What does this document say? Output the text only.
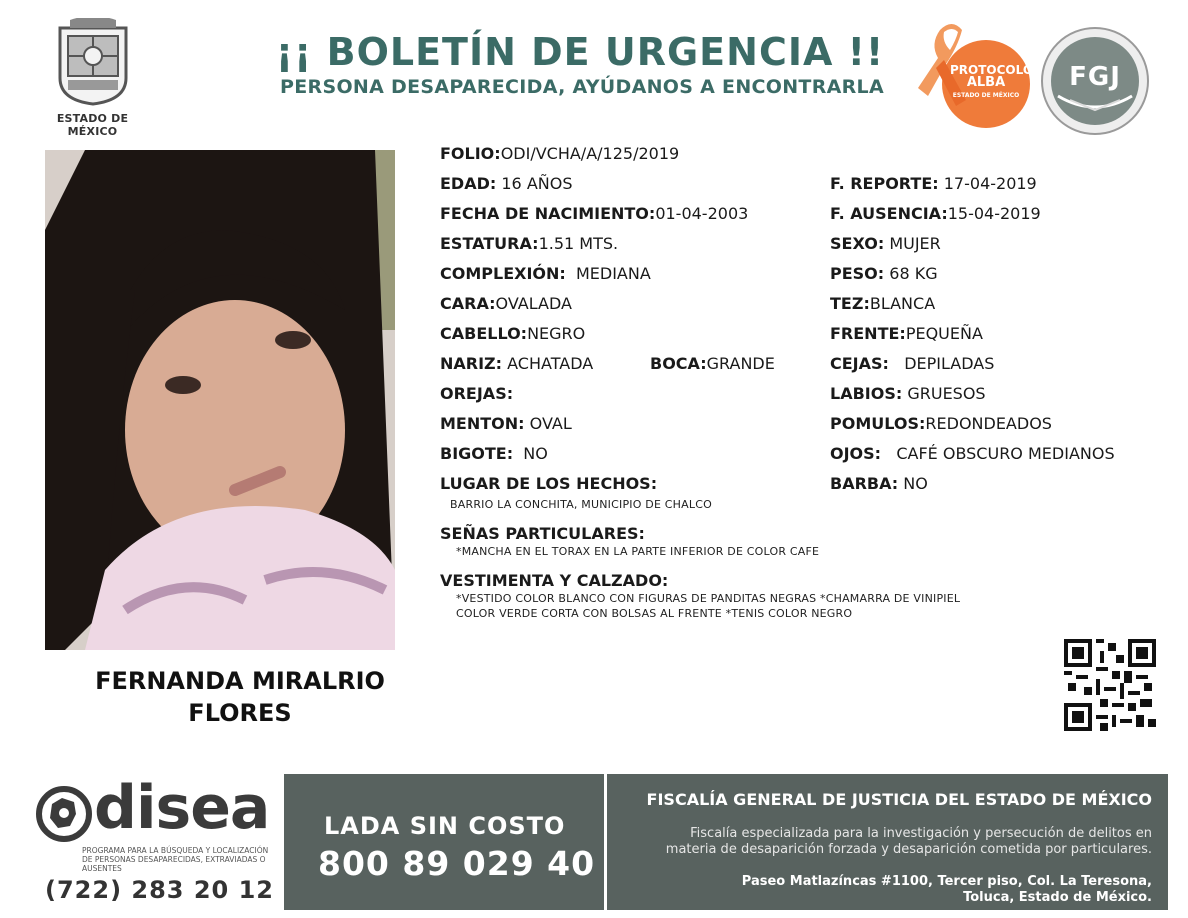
ESTADO DE MÉXICO
¡¡ BOLETÍN DE URGENCIA !!
PERSONA DESAPARECIDA, AYÚDANOS A ENCONTRARLA
PROTOCOLO
ALBA
ESTADO DE MÉXICO
FGJ
FERNANDA MIRALRIO
FLORES
FOLIO:ODI/VCHA/A/125/2019
EDAD: 16 AÑOS
FECHA DE NACIMIENTO:01-04-2003
ESTATURA:1.51 MTS.
COMPLEXIÓN: MEDIANA
CARA:OVALADA
CABELLO:NEGRO
NARIZ: ACHATADA	BOCA:GRANDE
OREJAS:
MENTON: OVAL
BIGOTE: NO
LUGAR DE LOS HECHOS:
BARRIO LA CONCHITA, MUNICIPIO DE CHALCO
F. REPORTE: 17-04-2019
F. AUSENCIA:15-04-2019
SEXO: MUJER
PESO: 68 KG
TEZ:BLANCA
FRENTE:PEQUEÑA
CEJAS: DEPILADAS
LABIOS: GRUESOS
POMULOS:REDONDEADOS
OJOS: CAFÉ OBSCURO MEDIANOS
BARBA: NO
SEÑAS PARTICULARES:
*MANCHA EN EL TORAX EN LA PARTE INFERIOR DE COLOR CAFE
VESTIMENTA Y CALZADO:
*VESTIDO COLOR BLANCO CON FIGURAS DE PANDITAS NEGRAS *CHAMARRA DE VINIPIEL
COLOR VERDE CORTA CON BOLSAS AL FRENTE *TENIS COLOR NEGRO
disea
PROGRAMA PARA LA BÚSQUEDA Y LOCALIZACIÓN DE PERSONAS DESAPARECIDAS, EXTRAVIADAS O AUSENTES
(722) 283 20 12
LADA SIN COSTO
800 89 029 40
FISCALÍA GENERAL DE JUSTICIA DEL ESTADO DE MÉXICO
Fiscalía especializada para la investigación y persecución de delitos en
materia de desaparición forzada y desaparición cometida por particulares.
Paseo Matlazíncas #1100, Tercer piso, Col. La Teresona,
Toluca, Estado de México.
